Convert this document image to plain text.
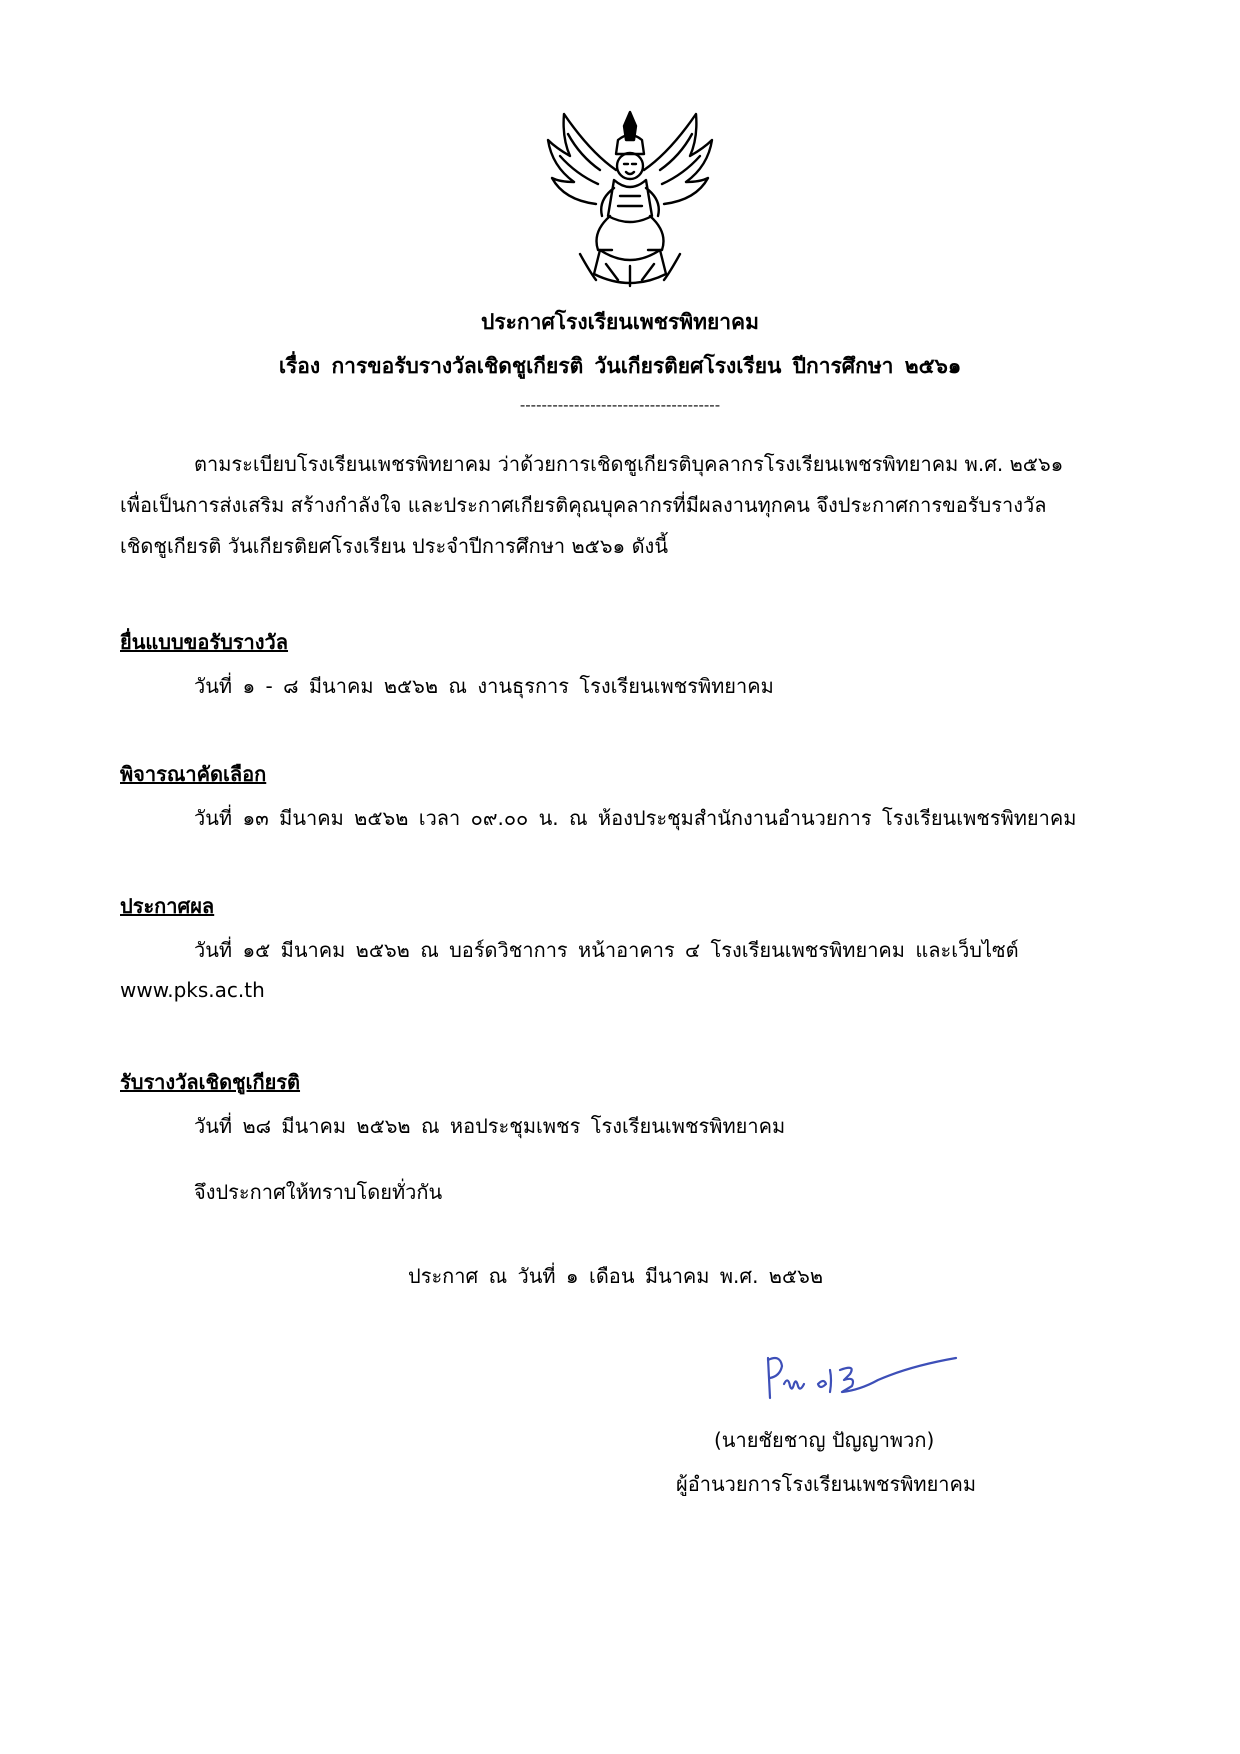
ประกาศโรงเรียนเพชรพิทยาคม
เรื่อง การขอรับรางวัลเชิดชูเกียรติ วันเกียรติยศโรงเรียน ปีการศึกษา ๒๕๖๑
-------------------------------------
ตามระเบียบโรงเรียนเพชรพิทยาคม ว่าด้วยการเชิดชูเกียรติบุคลากรโรงเรียนเพชรพิทยาคม พ.ศ. ๒๕๖๑
เพื่อเป็นการส่งเสริม สร้างกำลังใจ และประกาศเกียรติคุณบุคลากรที่มีผลงานทุกคน จึงประกาศการขอรับรางวัล
เชิดชูเกียรติ วันเกียรติยศโรงเรียน ประจำปีการศึกษา ๒๕๖๑ ดังนี้
ยื่นแบบขอรับรางวัล
วันที่ ๑ - ๘ มีนาคม ๒๕๖๒ ณ งานธุรการ โรงเรียนเพชรพิทยาคม
พิจารณาคัดเลือก
วันที่ ๑๓ มีนาคม ๒๕๖๒ เวลา ๐๙.๐๐ น. ณ ห้องประชุมสำนักงานอำนวยการ โรงเรียนเพชรพิทยาคม
ประกาศผล
วันที่ ๑๕ มีนาคม ๒๕๖๒ ณ บอร์ดวิชาการ หน้าอาคาร ๔ โรงเรียนเพชรพิทยาคม และเว็บไซต์
www.pks.ac.th
รับรางวัลเชิดชูเกียรติ
วันที่ ๒๘ มีนาคม ๒๕๖๒ ณ หอประชุมเพชร โรงเรียนเพชรพิทยาคม
จึงประกาศให้ทราบโดยทั่วกัน
ประกาศ ณ วันที่ ๑ เดือน มีนาคม พ.ศ. ๒๕๖๒
(นายชัยชาญ ปัญญาพวก)
ผู้อำนวยการโรงเรียนเพชรพิทยาคม
